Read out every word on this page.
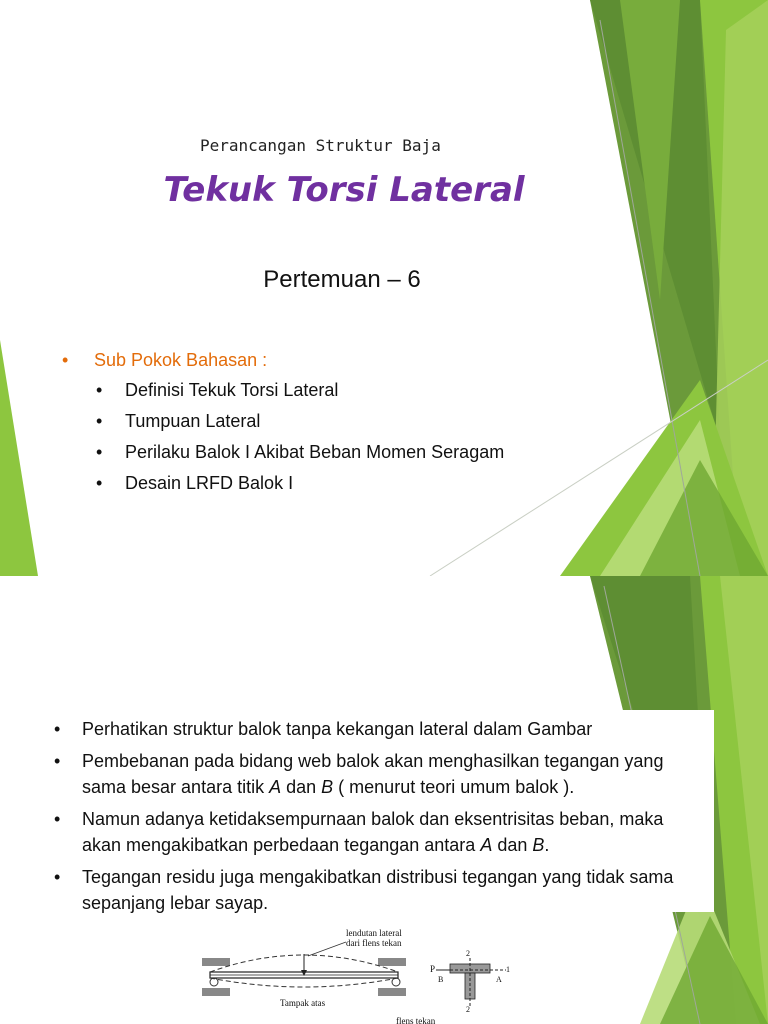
Perancangan Struktur Baja
Tekuk Torsi Lateral
Pertemuan – 6
• Sub Pokok Bahasan :
• Definisi Tekuk Torsi Lateral
• Tumpuan Lateral
• Perilaku Balok I Akibat Beban Momen Seragam
• Desain LRFD Balok I
• Perhatikan struktur balok tanpa kekangan lateral dalam Gambar
• Pembebanan pada bidang web balok akan menghasilkan tegangan yang
sama besar antara titik A dan B ( menurut teori umum balok ).
• Namun adanya ketidaksempurnaan balok dan eksentrisitas beban, maka
akan mengakibatkan perbedaan tegangan antara A dan B.
• Tegangan residu juga mengakibatkan distribusi tegangan yang tidak sama
sepanjang lebar sayap.
lendutan lateral
dari flens tekan
Tampak atas
P
B	A
1
2
2
flens tekan
